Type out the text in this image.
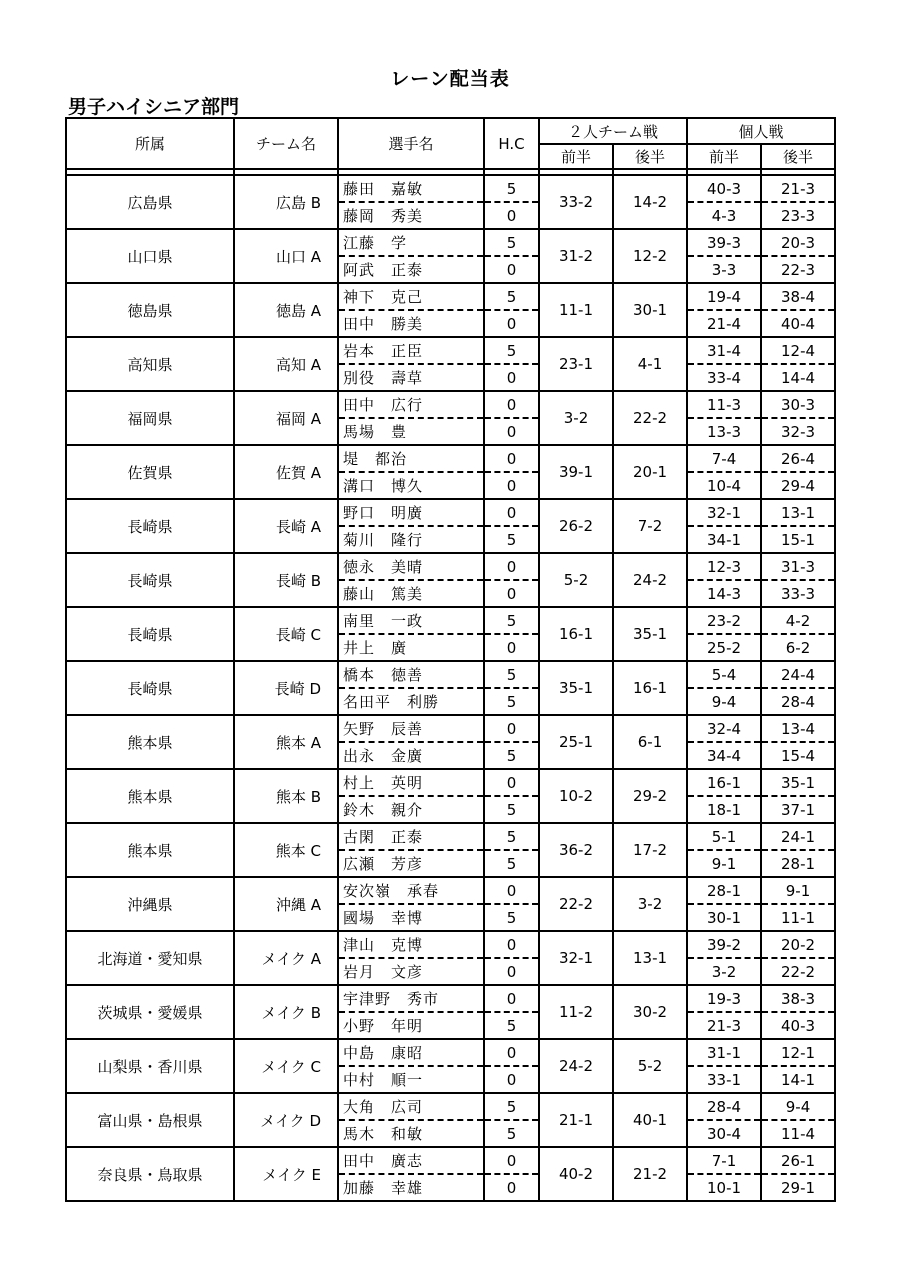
レーン配当表
男子ハイシニア部門
所属	チーム名	選手名	H.C	２人チーム戦		個人戦	
				前半	後半	前半	後半

広島県	広島 B	藤田　嘉敏	5	33-2	14-2	40-3	21-3
		藤岡　秀美	0			4-3	23-3
山口県	山口 A	江藤　学	5	31-2	12-2	39-3	20-3
		阿武　正泰	0			3-3	22-3
徳島県	徳島 A	神下　克己	5	11-1	30-1	19-4	38-4
		田中　勝美	0			21-4	40-4
高知県	高知 A	岩本　正臣	5	23-1	4-1	31-4	12-4
		別役　壽草	0			33-4	14-4
福岡県	福岡 A	田中　広行	0	3-2	22-2	11-3	30-3
		馬場　豊	0			13-3	32-3
佐賀県	佐賀 A	堤　都治	0	39-1	20-1	7-4	26-4
		溝口　博久	0			10-4	29-4
長崎県	長崎 A	野口　明廣	0	26-2	7-2	32-1	13-1
		菊川　隆行	5			34-1	15-1
長崎県	長崎 B	徳永　美晴	0	5-2	24-2	12-3	31-3
		藤山　篤美	0			14-3	33-3
長崎県	長崎 C	南里　一政	5	16-1	35-1	23-2	4-2
		井上　廣	0			25-2	6-2
長崎県	長崎 D	橋本　徳善	5	35-1	16-1	5-4	24-4
		名田平　利勝	5			9-4	28-4
熊本県	熊本 A	矢野　辰善	0	25-1	6-1	32-4	13-4
		出永　金廣	5			34-4	15-4
熊本県	熊本 B	村上　英明	0	10-2	29-2	16-1	35-1
		鈴木　親介	5			18-1	37-1
熊本県	熊本 C	古閑　正泰	5	36-2	17-2	5-1	24-1
		広瀬　芳彦	5			9-1	28-1
沖縄県	沖縄 A	安次嶺　承春	0	22-2	3-2	28-1	9-1
		國場　幸博	5			30-1	11-1
北海道・愛知県	メイク A	津山　克博	0	32-1	13-1	39-2	20-2
		岩月　文彦	0			3-2	22-2
茨城県・愛媛県	メイク B	宇津野　秀市	0	11-2	30-2	19-3	38-3
		小野　年明	5			21-3	40-3
山梨県・香川県	メイク C	中島　康昭	0	24-2	5-2	31-1	12-1
		中村　順一	0			33-1	14-1
富山県・島根県	メイク D	大角　広司	5	21-1	40-1	28-4	9-4
		馬木　和敏	5			30-4	11-4
奈良県・鳥取県	メイク E	田中　廣志	0	40-2	21-2	7-1	26-1
		加藤　幸雄	0			10-1	29-1
